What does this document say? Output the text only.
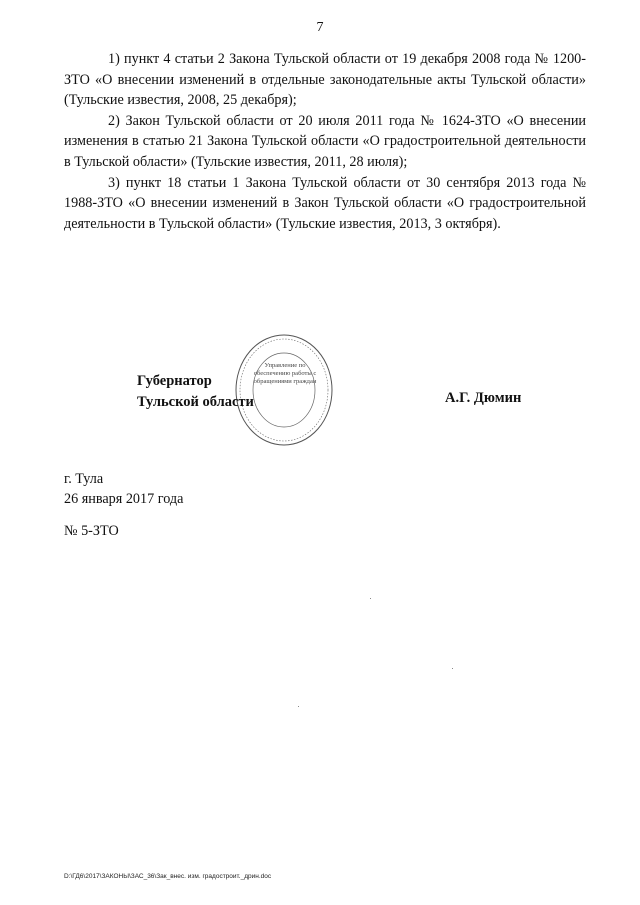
7

1) пункт 4 статьи 2 Закона Тульской области от 19 декабря 2008 года № 1200-ЗТО «О внесении изменений в отдельные законодательные акты Тульской области» (Тульские известия, 2008, 25 декабря);

2) Закон Тульской области от 20 июля 2011 года № 1624-ЗТО «О внесении изменения в статью 21 Закона Тульской области «О градостроительной деятельности в Тульской области» (Тульские известия, 2011, 28 июля);

3) пункт 18 статьи 1 Закона Тульской области от 30 сентября 2013 года № 1988-ЗТО «О внесении изменений в Закон Тульской области «О градостроительной деятельности в Тульской области» (Тульские известия, 2013, 3 октября).

Управление по обеспечению работы с обращениями граждан
Губернатор
Тульской области	А.Г. Дюмин
г. Тула
26 января 2017 года
№ 5-ЗТО
D:\ГД6\2017\ЗАКОНЫ\ЗАС_36\Зак_внес. изм. градостроит._дрин.doc
